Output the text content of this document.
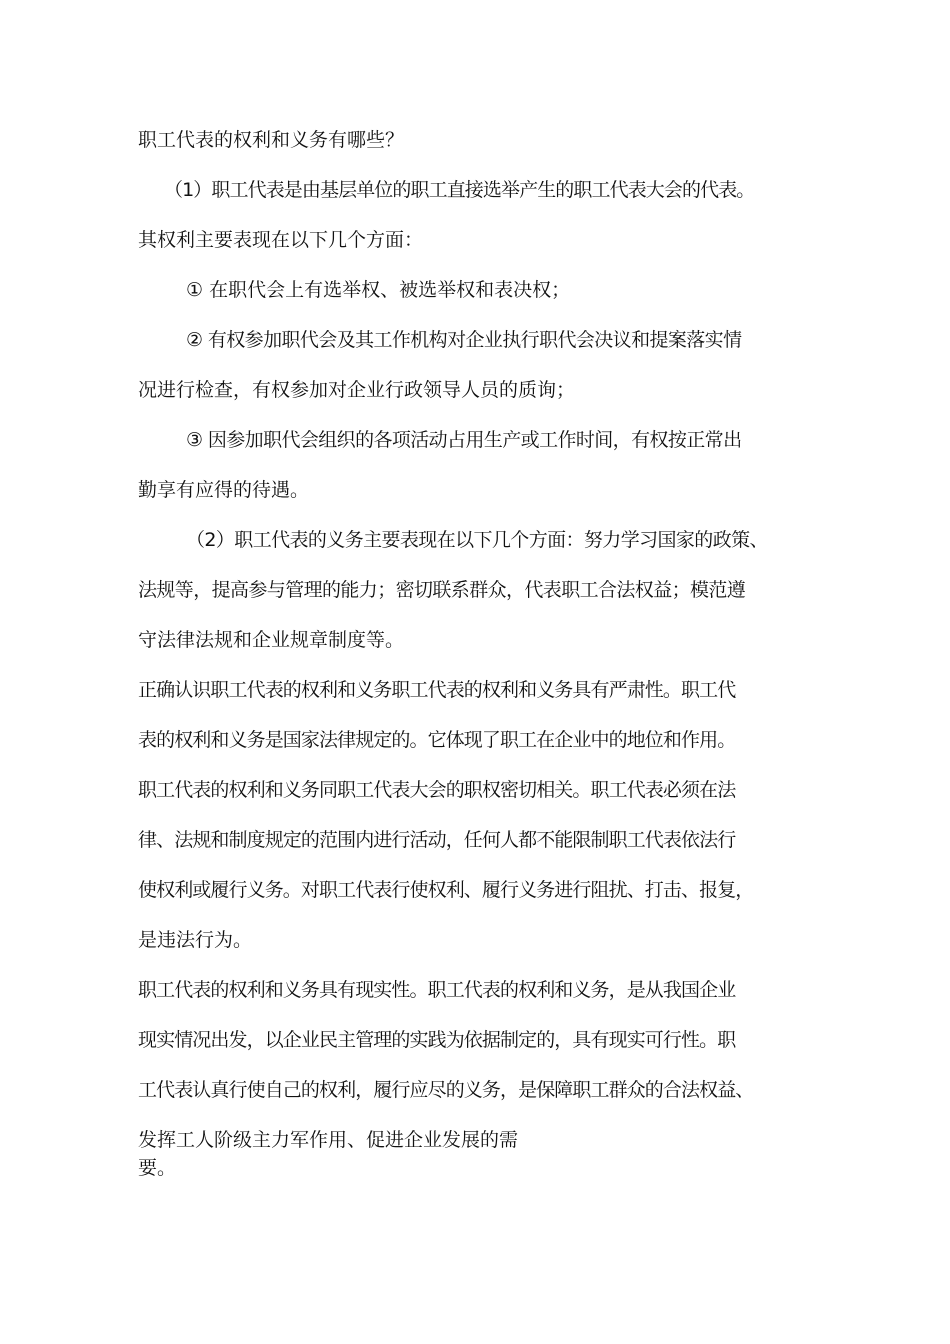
职工代表的权利和义务有哪些？
（1）职工代表是由基层单位的职工直接选举产生的职工代表大会的代表。
其权利主要表现在以下几个方面：
① 在职代会上有选举权、被选举权和表决权；
② 有权参加职代会及其工作机构对企业执行职代会决议和提案落实情
况进行检查，有权参加对企业行政领导人员的质询；
③ 因参加职代会组织的各项活动占用生产或工作时间，有权按正常出
勤享有应得的待遇。
（2）职工代表的义务主要表现在以下几个方面：努力学习国家的政策、
法规等，提高参与管理的能力；密切联系群众，代表职工合法权益；模范遵
守法律法规和企业规章制度等。
正确认识职工代表的权利和义务职工代表的权利和义务具有严肃性。职工代
表的权利和义务是国家法律规定的。它体现了职工在企业中的地位和作用。
职工代表的权利和义务同职工代表大会的职权密切相关。职工代表必须在法
律、法规和制度规定的范围内进行活动，任何人都不能限制职工代表依法行
使权利或履行义务。对职工代表行使权利、履行义务进行阻扰、打击、报复，
是违法行为。
职工代表的权利和义务具有现实性。职工代表的权利和义务，是从我国企业
现实情况出发，以企业民主管理的实践为依据制定的，具有现实可行性。职
工代表认真行使自己的权利，履行应尽的义务，是保障职工群众的合法权益、
发挥工人阶级主力军作用、促进企业发展的需
要。
